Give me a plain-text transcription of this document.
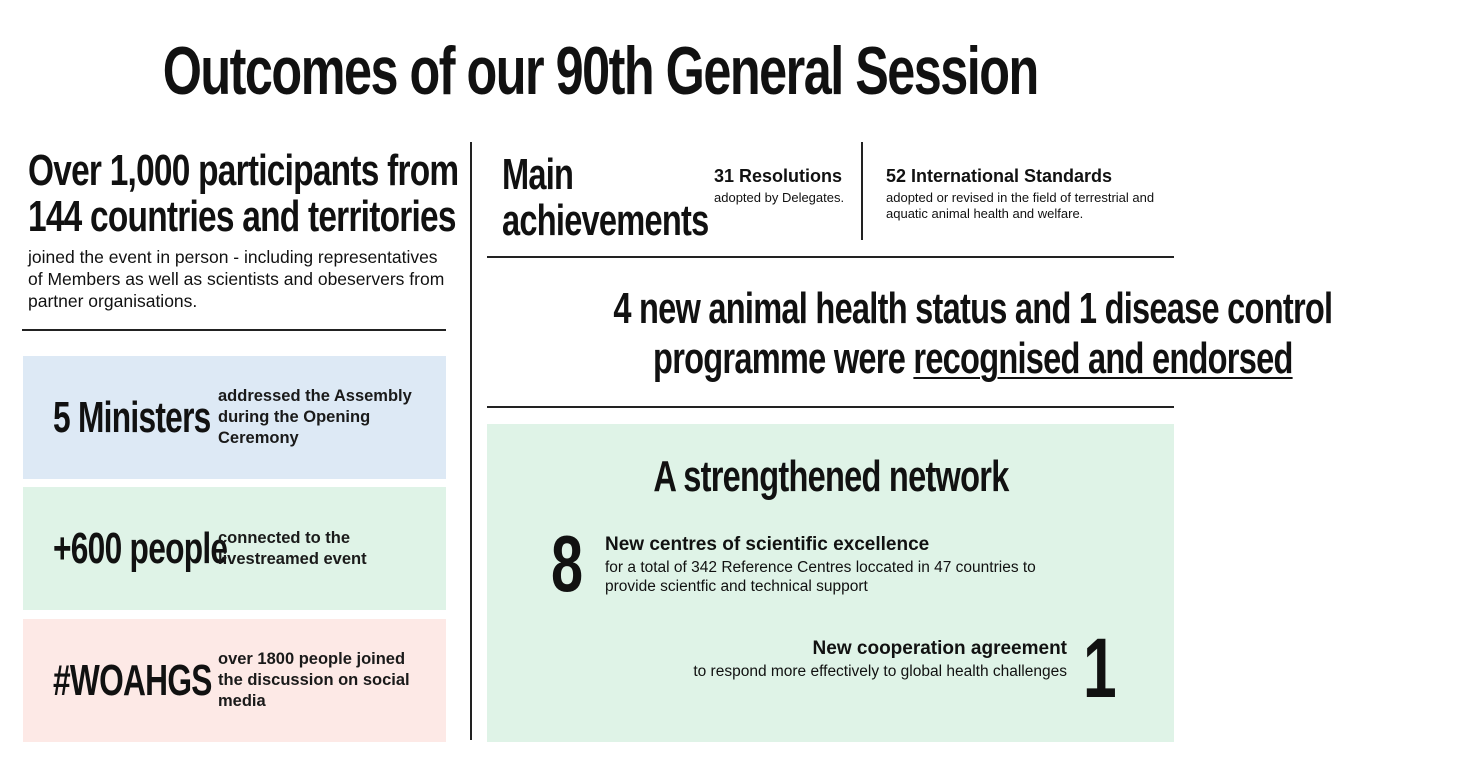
Outcomes of our 90th General Session
Over 1,000 participants from
144 countries and territories
joined the event in person - including representatives of Members as well as scientists and obeservers from partner organisations.
5 Ministers addressed the Assembly during the Opening Ceremony
+600 people
connected to the livestreamed event
#WOAHGS over 1800 people joined the discussion on social media
Main
achievements
31 Resolutions
adopted by Delegates.
52 International Standards
adopted or revised in the field of terrestrial and aquatic animal health and welfare.
4 new animal health status and 1 disease control
programme were recognised and endorsed
A strengthened network
8 New centres of scientific excellence
for a total of 342 Reference Centres loccated in 47 countries to provide scientfic and technical support
New cooperation agreement
to respond more effectively to global health challenges 1
